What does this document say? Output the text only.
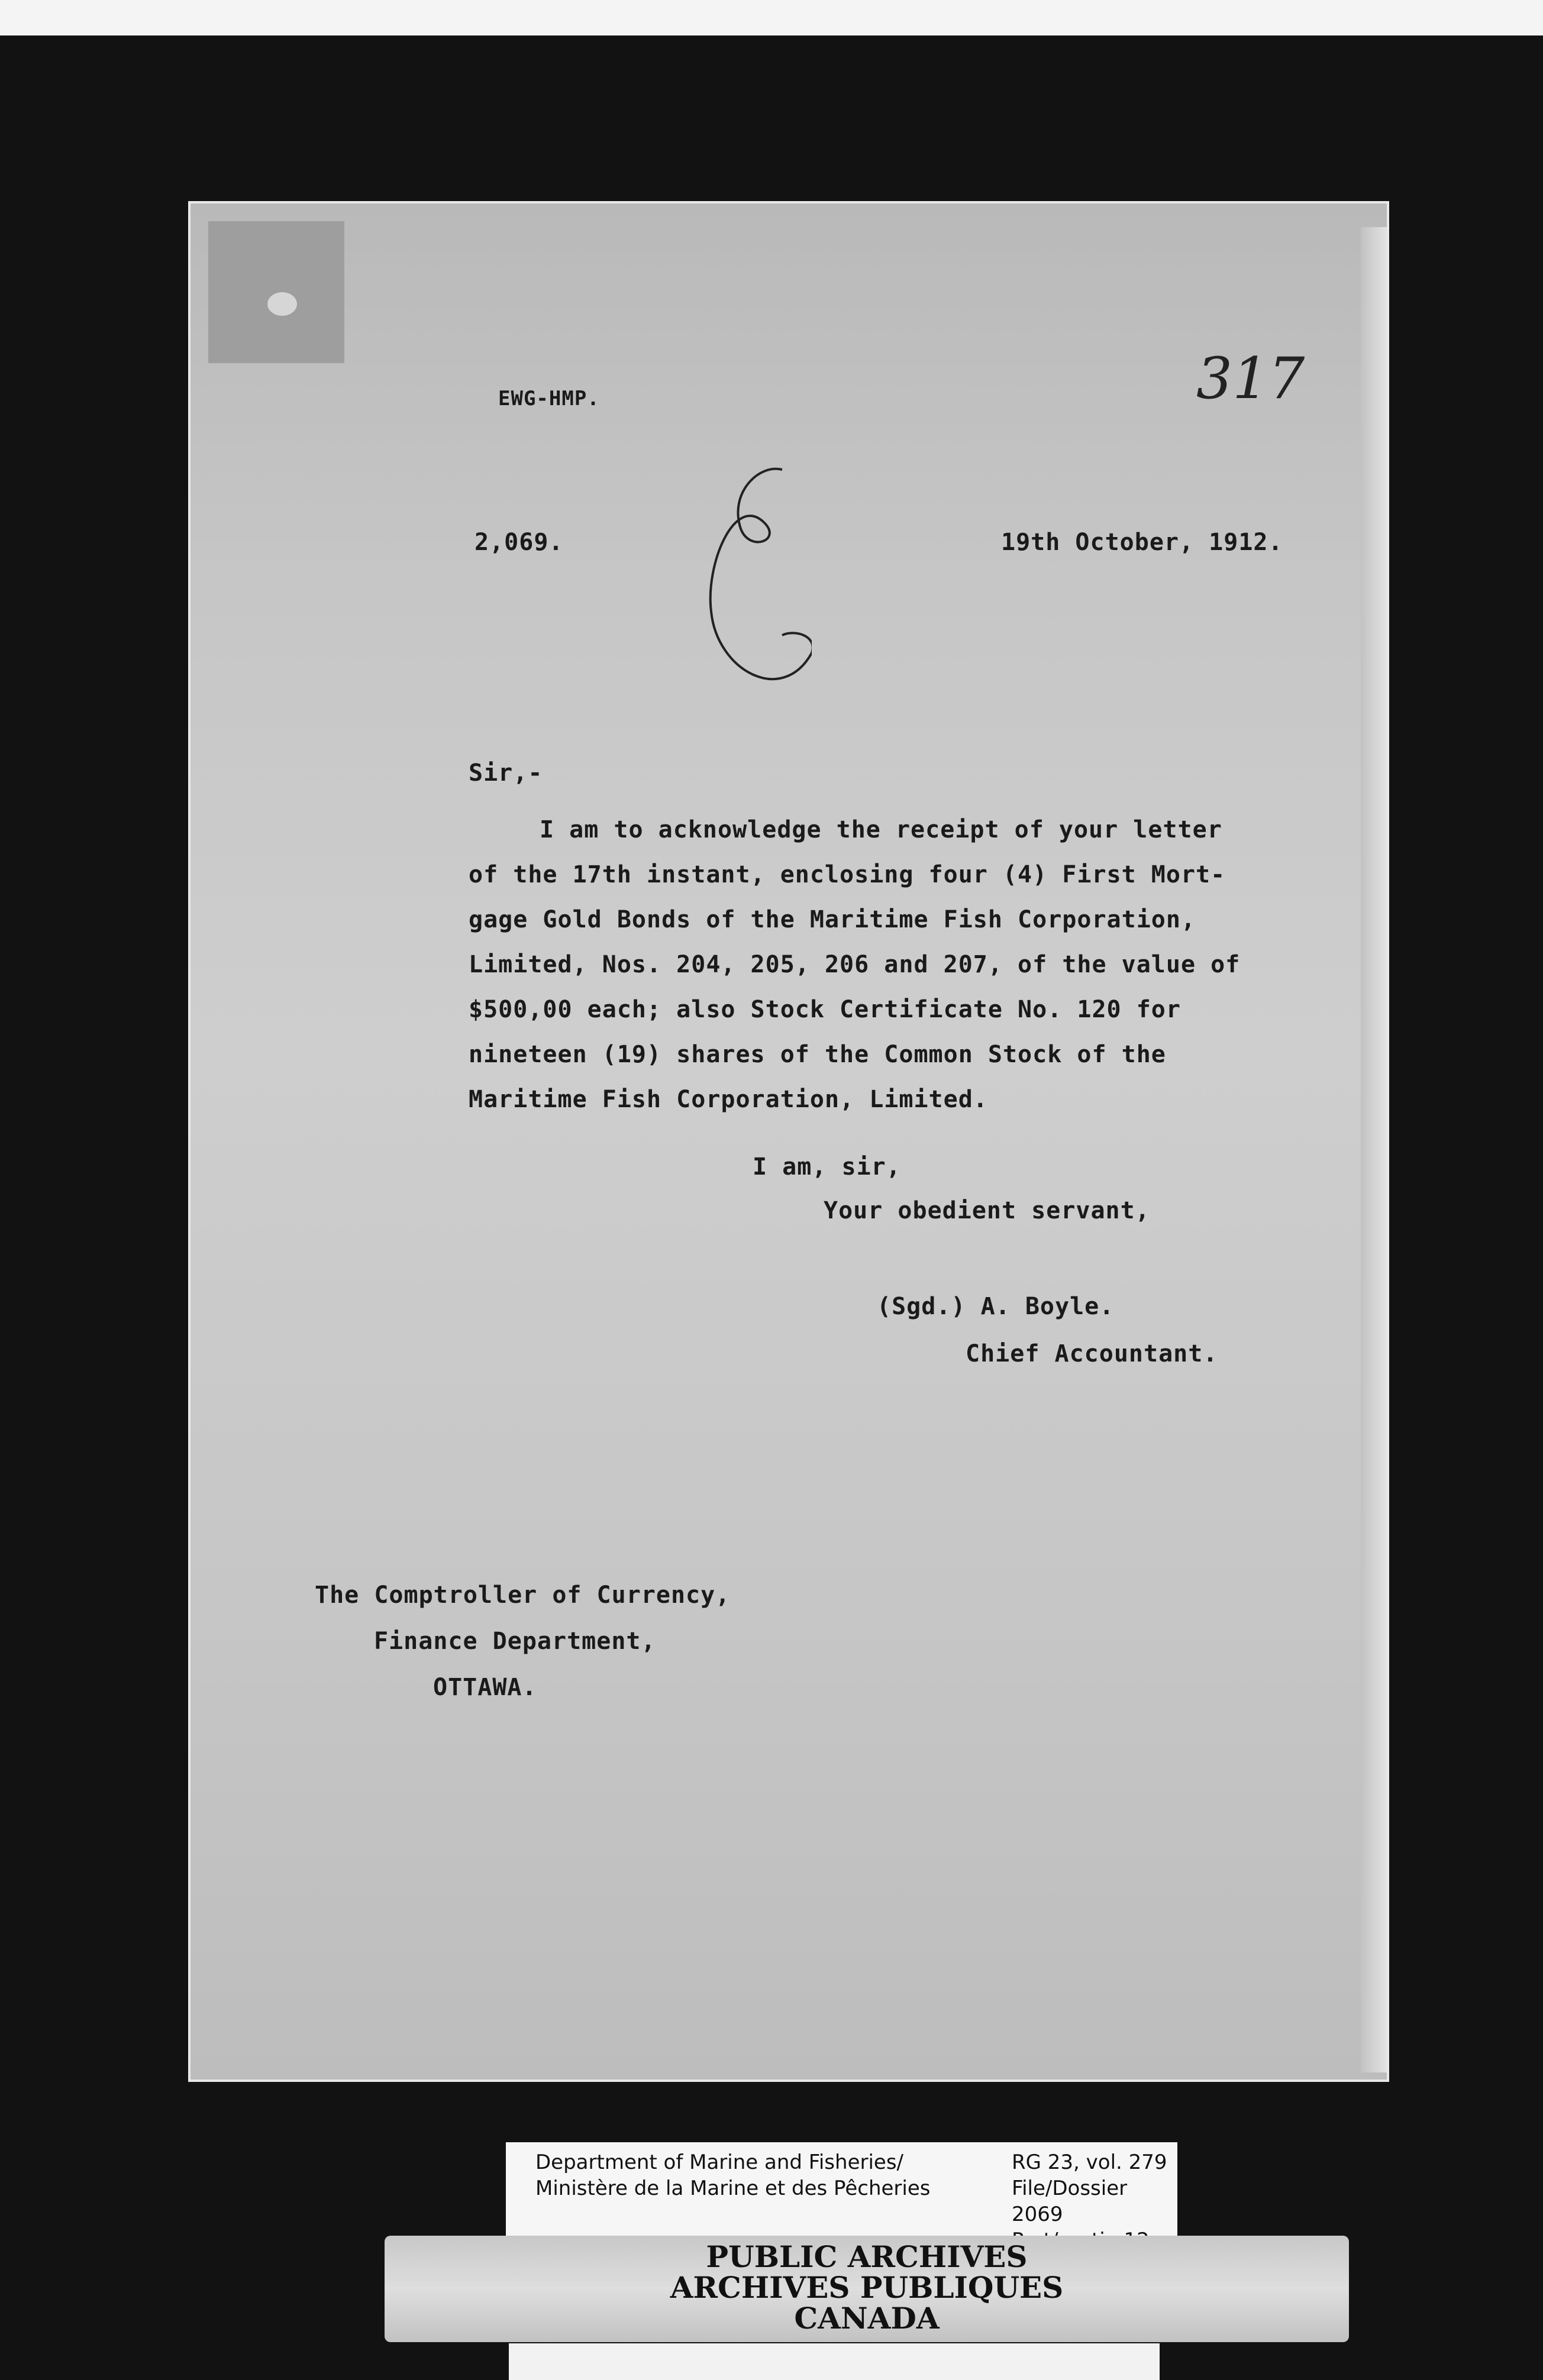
EWG-HMP.	317
2,069.	19th October, 1912.
Sir,-
I am to acknowledge the receipt of your letter
of the 17th instant, enclosing four (4) First Mort-
gage Gold Bonds of the Maritime Fish Corporation,
Limited, Nos. 204, 205, 206 and 207, of the value of
$500,00 each; also Stock Certificate No. 120 for
nineteen (19) shares of the Common Stock of the
Maritime Fish Corporation, Limited.
I am, sir,
Your obedient servant,
(Sgd.) A. Boyle.
Chief Accountant.
The Comptroller of Currency,
Finance Department,
OTTAWA.
Department of Marine and Fisheries/
Ministère de la Marine et des Pêcheries
RG 23, vol. 279
File/Dossier 2069
PUBLIC ARCHIVES
ARCHIVES PUBLIQUES
CANADA
